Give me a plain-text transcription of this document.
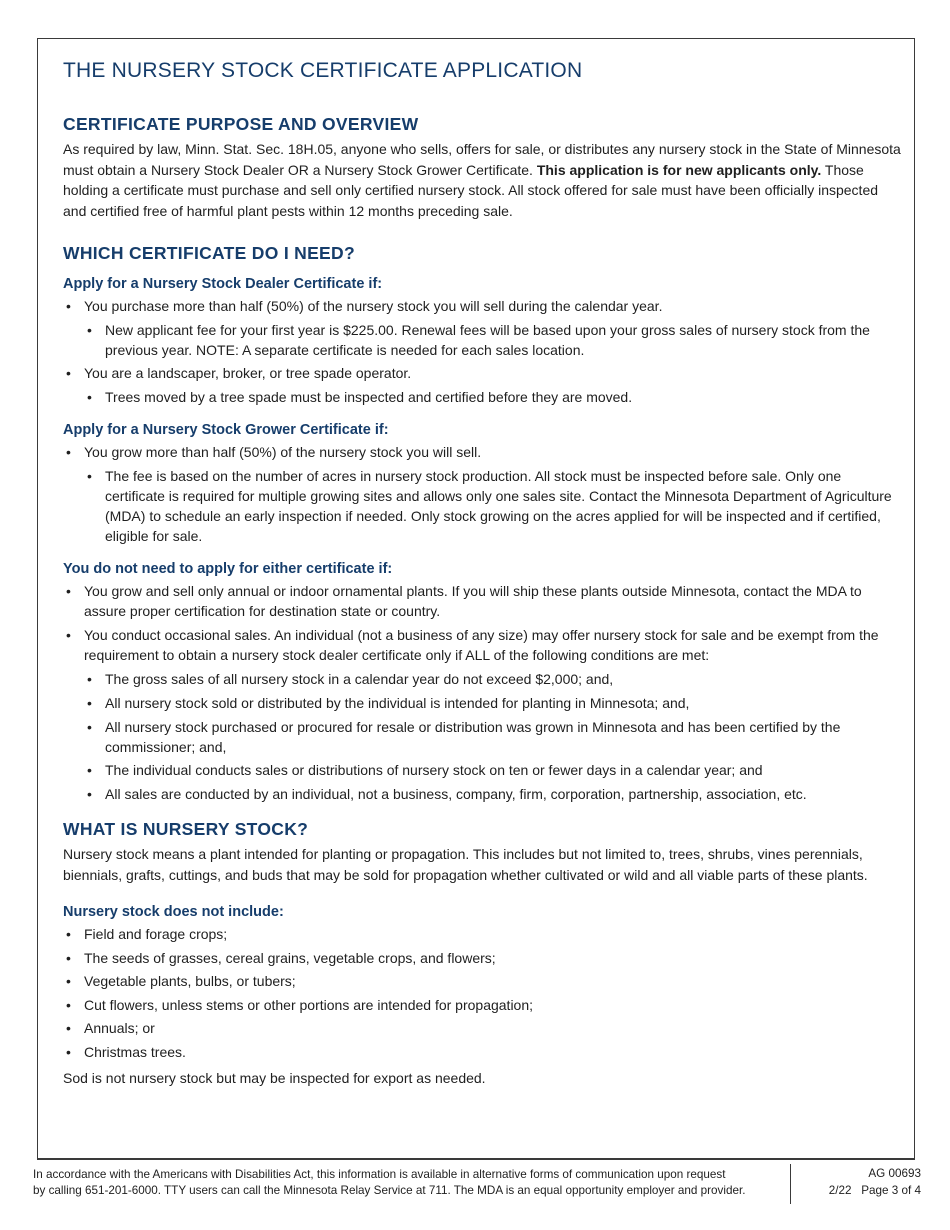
THE NURSERY STOCK CERTIFICATE APPLICATION
CERTIFICATE PURPOSE AND OVERVIEW

As required by law, Minn. Stat. Sec. 18H.05, anyone who sells, offers for sale, or distributes any nursery stock in the State of Minnesota must obtain a Nursery Stock Dealer OR a Nursery Stock Grower Certificate. This application is for new applicants only. Those holding a certificate must purchase and sell only certified nursery stock. All stock offered for sale must have been officially inspected and certified free of harmful plant pests within 12 months preceding sale.

WHICH CERTIFICATE DO I NEED?
Apply for a Nursery Stock Dealer Certificate if:
• You purchase more than half (50%) of the nursery stock you will sell during the calendar year.
• New applicant fee for your first year is $225.00. Renewal fees will be based upon your gross sales of nursery stock from the previous year. NOTE: A separate certificate is needed for each sales location.
• You are a landscaper, broker, or tree spade operator.
• Trees moved by a tree spade must be inspected and certified before they are moved.
Apply for a Nursery Stock Grower Certificate if:
• You grow more than half (50%) of the nursery stock you will sell.
• The fee is based on the number of acres in nursery stock production. All stock must be inspected before sale. Only one certificate is required for multiple growing sites and allows only one sales site. Contact the Minnesota Department of Agriculture (MDA) to schedule an early inspection if needed. Only stock growing on the acres applied for will be inspected and if certified, eligible for sale.
You do not need to apply for either certificate if:
• You grow and sell only annual or indoor ornamental plants. If you will ship these plants outside Minnesota, contact the MDA to assure proper certification for destination state or country.
• You conduct occasional sales. An individual (not a business of any size) may offer nursery stock for sale and be exempt from the requirement to obtain a nursery stock dealer certificate only if ALL of the following conditions are met:
• The gross sales of all nursery stock in a calendar year do not exceed $2,000; and,
• All nursery stock sold or distributed by the individual is intended for planting in Minnesota; and,
• All nursery stock purchased or procured for resale or distribution was grown in Minnesota and has been certified by the commissioner; and,
• The individual conducts sales or distributions of nursery stock on ten or fewer days in a calendar year; and
• All sales are conducted by an individual, not a business, company, firm, corporation, partnership, association, etc.
WHAT IS NURSERY STOCK?

Nursery stock means a plant intended for planting or propagation. This includes but not limited to, trees, shrubs, vines perennials, biennials, grafts, cuttings, and buds that may be sold for propagation whether cultivated or wild and all viable parts of these plants.

Nursery stock does not include:
• Field and forage crops;
• The seeds of grasses, cereal grains, vegetable crops, and flowers;
• Vegetable plants, bulbs, or tubers;
• Cut flowers, unless stems or other portions are intended for propagation;
• Annuals; or
• Christmas trees.

Sod is not nursery stock but may be inspected for export as needed.

In accordance with the Americans with Disabilities Act, this information is available in alternative forms of communication upon request
by calling 651-201-6000. TTY users can call the Minnesota Relay Service at 711. The MDA is an equal opportunity employer and provider.
AG 00693
2/22 Page 3 of 4
